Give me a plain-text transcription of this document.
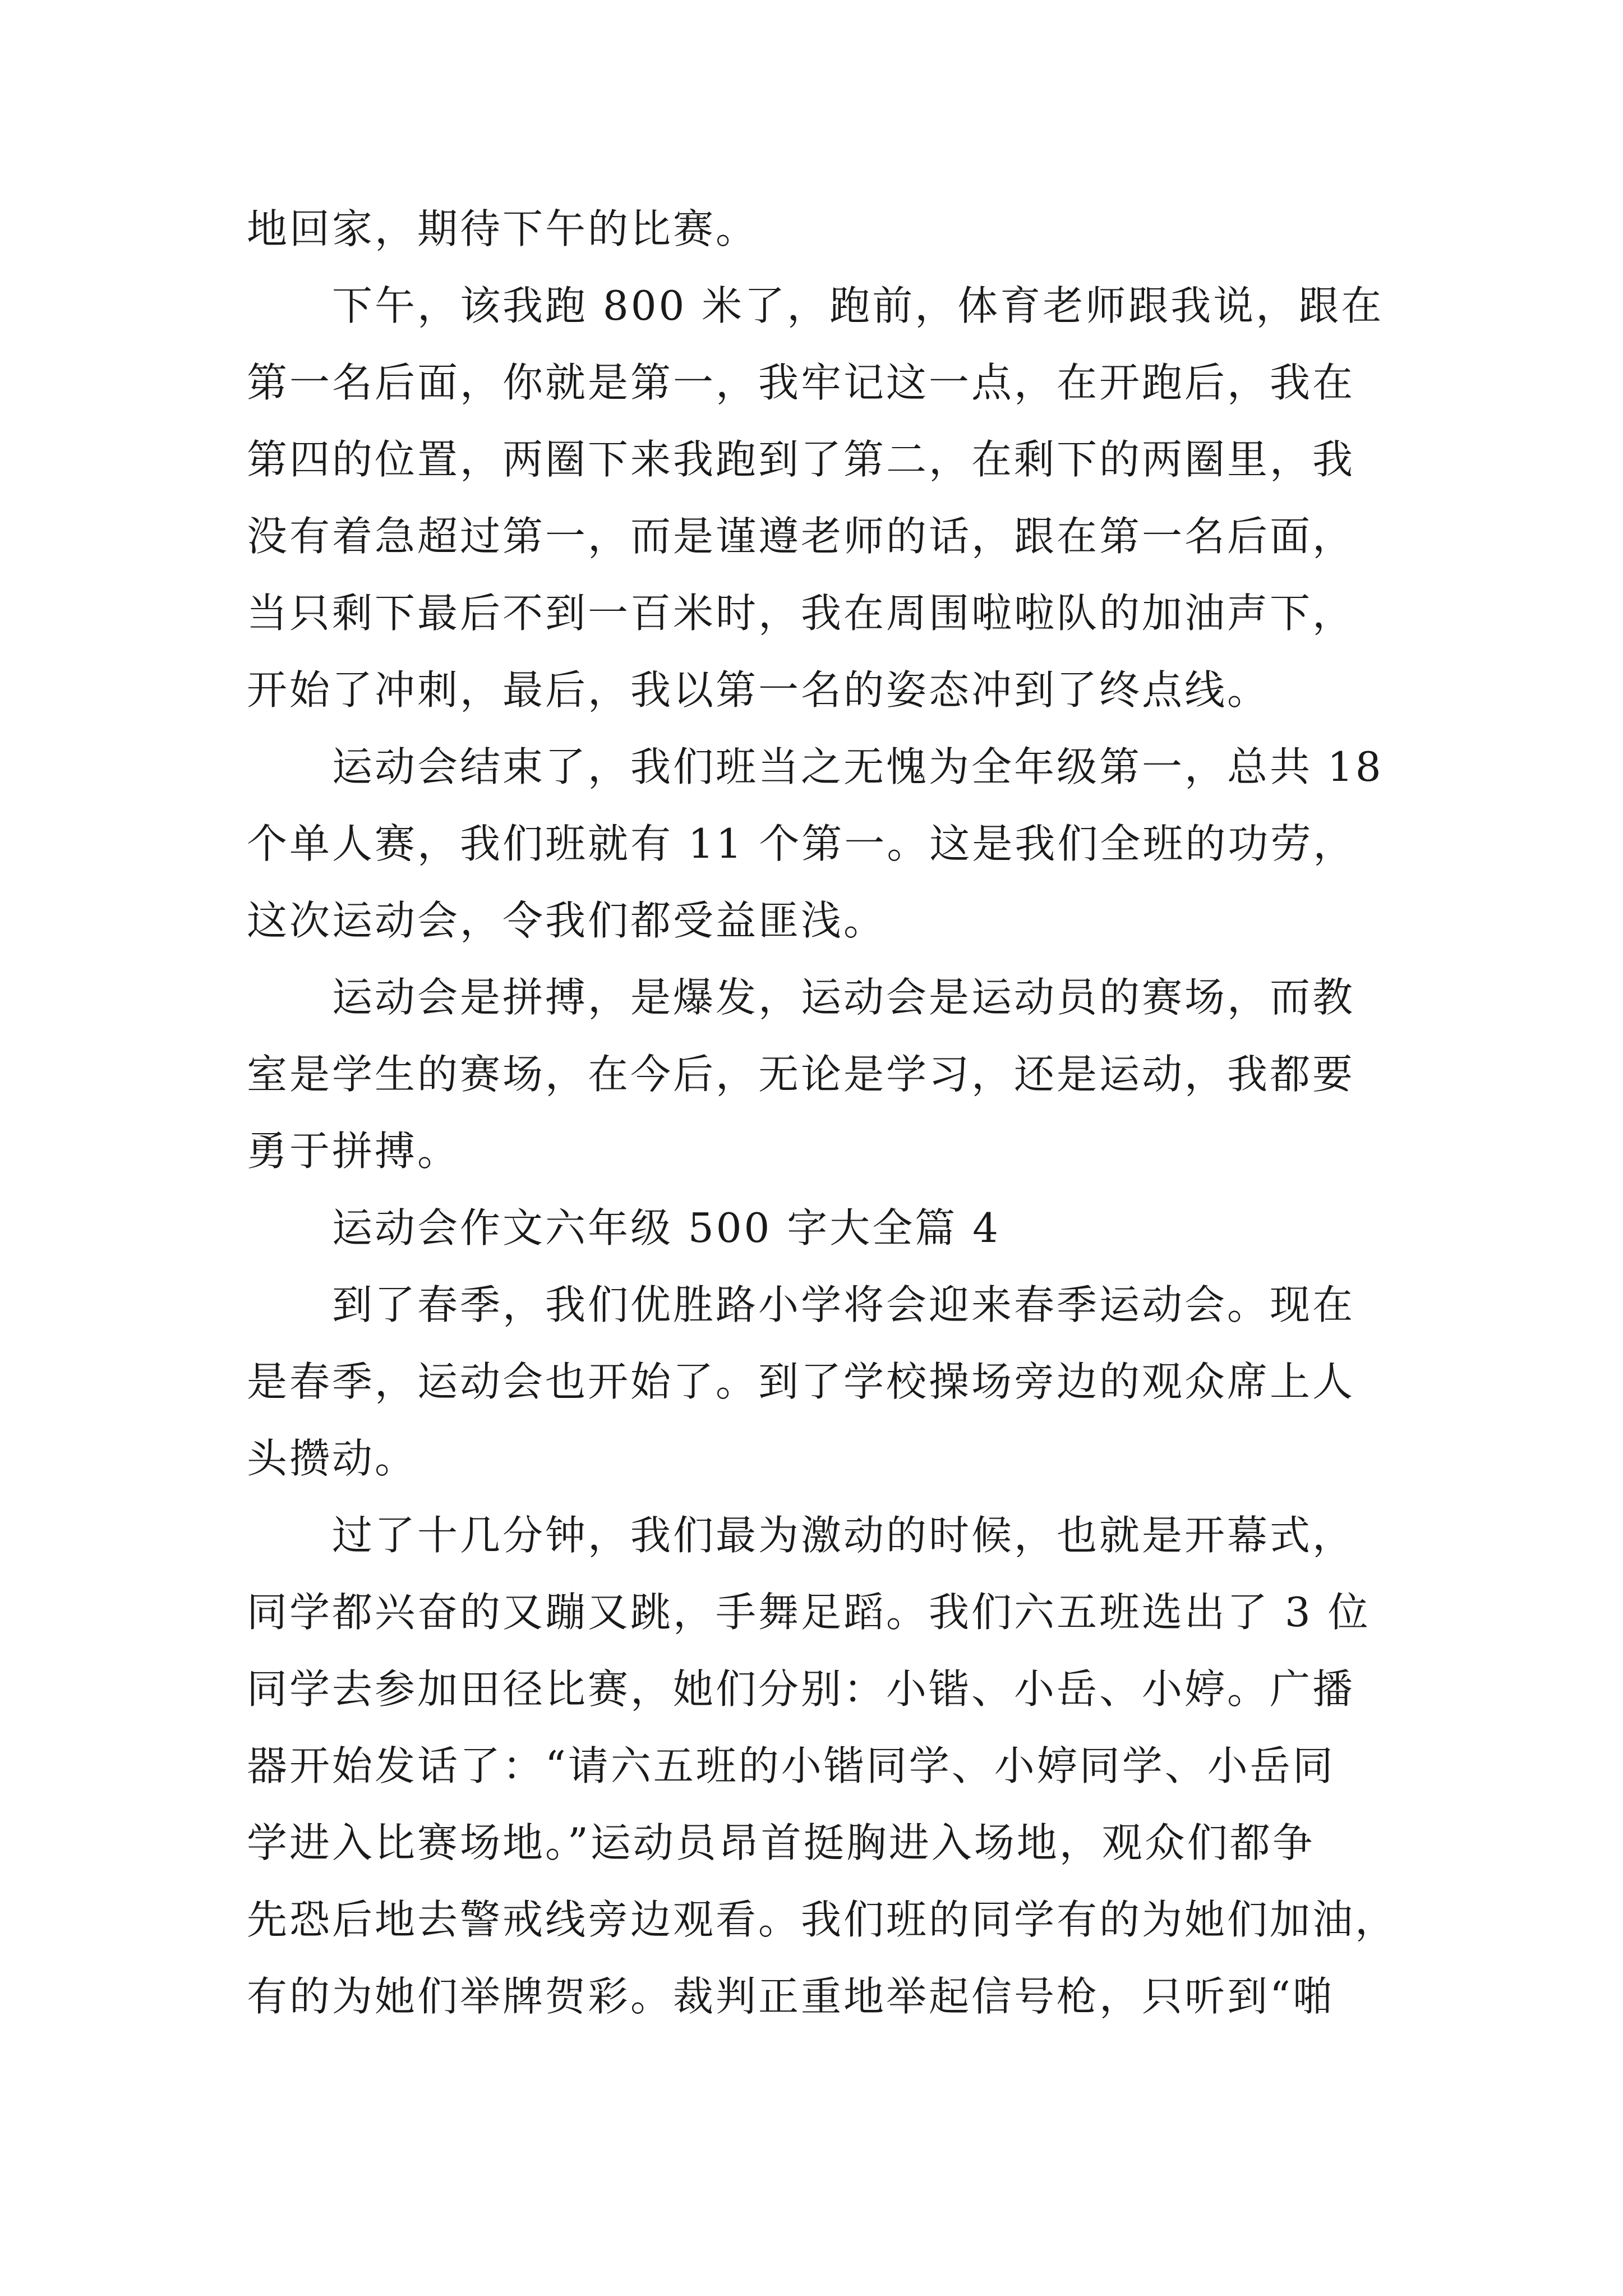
地回家，期待下午的比赛。
下午，该我跑 800 米了，跑前，体育老师跟我说，跟在
第一名后面，你就是第一，我牢记这一点，在开跑后，我在
第四的位置，两圈下来我跑到了第二，在剩下的两圈里，我
没有着急超过第一，而是谨遵老师的话，跟在第一名后面，
当只剩下最后不到一百米时，我在周围啦啦队的加油声下，
开始了冲刺，最后，我以第一名的姿态冲到了终点线。
运动会结束了，我们班当之无愧为全年级第一，总共 18
个单人赛，我们班就有 11 个第一。这是我们全班的功劳，
这次运动会，令我们都受益匪浅。
运动会是拼搏，是爆发，运动会是运动员的赛场，而教
室是学生的赛场，在今后，无论是学习，还是运动，我都要
勇于拼搏。
运动会作文六年级 500 字大全篇 4
到了春季，我们优胜路小学将会迎来春季运动会。现在
是春季，运动会也开始了。到了学校操场旁边的观众席上人
头攒动。
过了十几分钟，我们最为激动的时候，也就是开幕式，
同学都兴奋的又蹦又跳，手舞足蹈。我们六五班选出了 3 位
同学去参加田径比赛，她们分别：小锴、小岳、小婷。广播
器开始发话了：“请六五班的小锴同学、小婷同学、小岳同
学进入比赛场地。”运动员昂首挺胸进入场地，观众们都争
先恐后地去警戒线旁边观看。我们班的同学有的为她们加油，
有的为她们举牌贺彩。裁判正重地举起信号枪，只听到“啪
